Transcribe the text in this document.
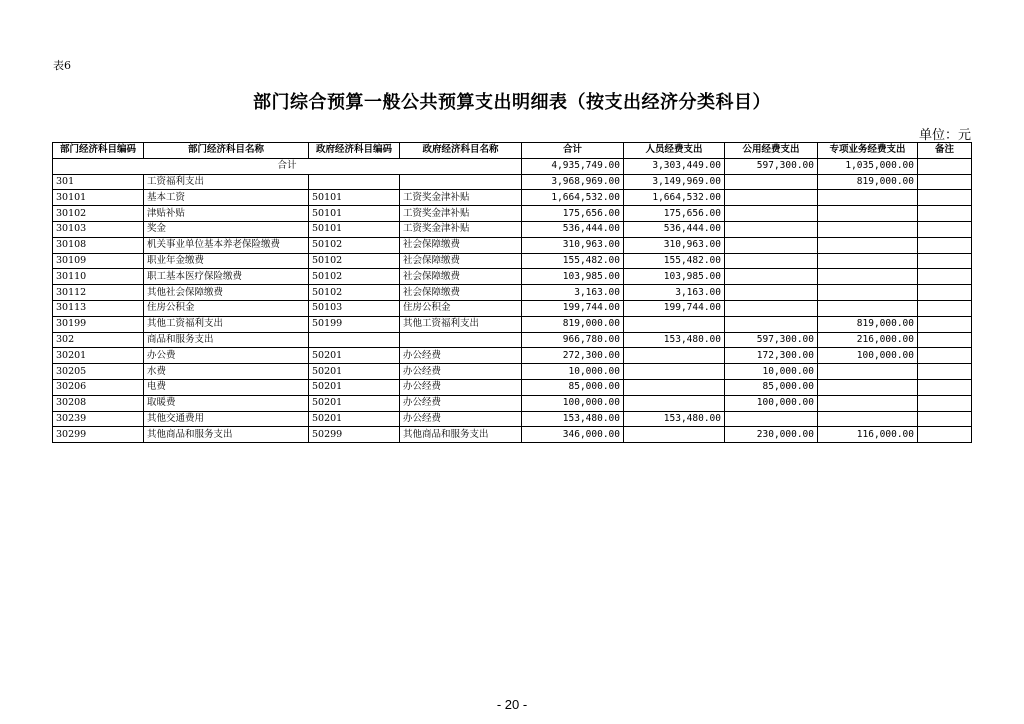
表6
部门综合预算一般公共预算支出明细表（按支出经济分类科目）
单位：元
部门经济科目编码	部门经济科目名称	政府经济科目编码	政府经济科目名称	合计	人员经费支出	公用经费支出	专项业务经费支出	备注
合计				4,935,749.00	3,303,449.00	597,300.00	1,035,000.00	
301	工资福利支出			3,968,969.00	3,149,969.00		819,000.00	
30101	基本工资	50101	工资奖金津补贴	1,664,532.00	1,664,532.00			
30102	津贴补贴	50101	工资奖金津补贴	175,656.00	175,656.00			
30103	奖金	50101	工资奖金津补贴	536,444.00	536,444.00			
30108	机关事业单位基本养老保险缴费	50102	社会保障缴费	310,963.00	310,963.00			
30109	职业年金缴费	50102	社会保障缴费	155,482.00	155,482.00			
30110	职工基本医疗保险缴费	50102	社会保障缴费	103,985.00	103,985.00			
30112	其他社会保障缴费	50102	社会保障缴费	3,163.00	3,163.00			
30113	住房公积金	50103	住房公积金	199,744.00	199,744.00			
30199	其他工资福利支出	50199	其他工资福利支出	819,000.00			819,000.00	
302	商品和服务支出			966,780.00	153,480.00	597,300.00	216,000.00	
30201	办公费	50201	办公经费	272,300.00		172,300.00	100,000.00	
30205	水费	50201	办公经费	10,000.00		10,000.00		
30206	电费	50201	办公经费	85,000.00		85,000.00		
30208	取暖费	50201	办公经费	100,000.00		100,000.00		
30239	其他交通费用	50201	办公经费	153,480.00	153,480.00			
30299	其他商品和服务支出	50299	其他商品和服务支出	346,000.00		230,000.00	116,000.00	
- 20 -
